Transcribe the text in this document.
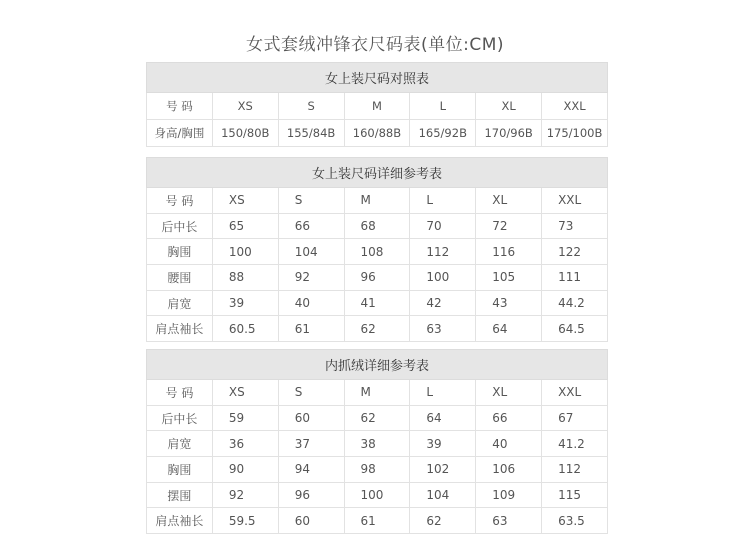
女式套绒冲锋衣尺码表(单位:CM)
女上装尺码对照表						
号 码	XS	S	M	L	XL	XXL
身高/胸围	150/80B	155/84B	160/88B	165/92B	170/96B	175/100B
女上装尺码详细参考表						
号 码	XS	S	M	L	XL	XXL
后中长	65	66	68	70	72	73
胸围	100	104	108	112	116	122
腰围	88	92	96	100	105	111
肩宽	39	40	41	42	43	44.2
肩点袖长	60.5	61	62	63	64	64.5
内抓绒详细参考表						
号 码	XS	S	M	L	XL	XXL
后中长	59	60	62	64	66	67
肩宽	36	37	38	39	40	41.2
胸围	90	94	98	102	106	112
摆围	92	96	100	104	109	115
肩点袖长	59.5	60	61	62	63	63.5
